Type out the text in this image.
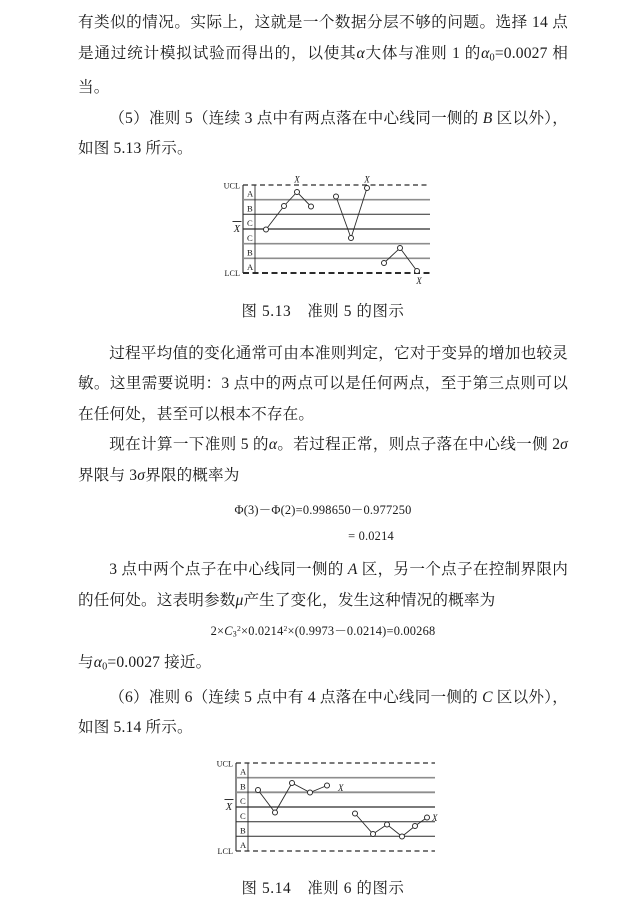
有类似的情况。实际上，这就是一个数据分层不够的问题。选择 14 点是通过统计模拟试验而得出的，以使其α大体与准则 1 的$\alpha_0=0.0027$ 相当。

（5）准则 5（连续 3 点中有两点落在中心线同一侧的 B 区以外），如图 5.13 所示。

UCL
LCL
X
A
B
C
C
B
A
X	X
X

图 5.13 准则 5 的图示

过程平均值的变化通常可由本准则判定，它对于变异的增加也较灵敏。这里需要说明：3 点中的两点可以是任何两点，至于第三点则可以在任何处，甚至可以根本不存在。

现在计算一下准则 5 的α。若过程正常，则点子落在中心线一侧 2σ界限与 3σ界限的概率为

Φ(3)－Φ(2)=0.998650－0.977250

= 0.0214

3 点中两个点子在中心线同一侧的 A 区，另一个点子在控制界限内的任何处。这表明参数μ产生了变化，发生这种情况的概率为

$2\times C_3^2\times 0.0214^2\times(0.9973-0.0214)=0.00268$

与$\alpha_0=0.0027$ 接近。

（6）准则 6（连续 5 点中有 4 点落在中心线同一侧的 C 区以外），如图 5.14 所示。

UCL
LCL
X
A
B
C
C
B
A
X
X

图 5.14 准则 6 的图示
